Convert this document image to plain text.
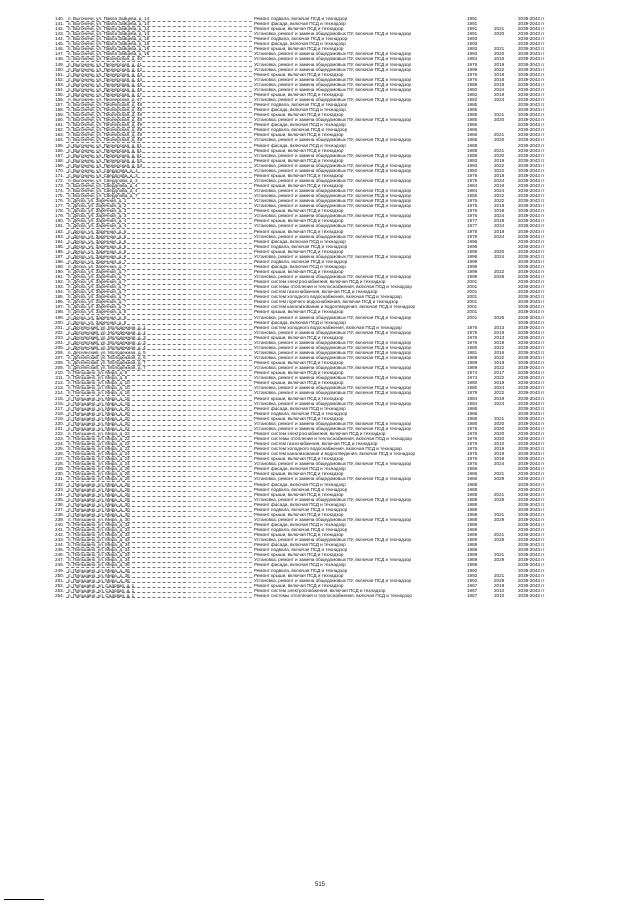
140. п. Выгоничи, ул. Павла Зайцева, д. 14	Ремонт подвала, включая ПСД и технадзор	1991	2039-2043 гг
141. п. Выгоничи, ул. Павла Зайцева, д. 14	Ремонт фасада, включая ПСД и технадзор	1991	2039-2043 гг
142. п. Выгоничи, ул. Павла Зайцева, д. 14	Ремонт крыши, включая ПСД и технадзор	1991	2021	2039-2043 гг
143. п. Выгоничи, ул. Павла Зайцева, д. 14	Установка, ремонт и замена общедомовых ПУ, включая ПСД и технадзор	1991	2020	2039-2043 гг
144. п. Выгоничи, ул. Павла Зайцева, д. 16	Ремонт подвала, включая ПСД и технадзор	1993	2039-2043 гг
145. п. Выгоничи, ул. Павла Зайцева, д. 16	Ремонт фасада, включая ПСД и технадзор	1993	2039-2043 гг
146. п. Выгоничи, ул. Павла Зайцева, д. 16	Ремонт крыши, включая ПСД и технадзор	1993	2021	2039-2043 гг
147. п. Выгоничи, ул. Павла Зайцева, д. 16	Установка, ремонт и замена общедомовых ПУ, включая ПСД и технадзор	1993	2020	2039-2043 гг
148. п. Выгоничи, ул. Пионерская, д. 40	Установка, ремонт и замена общедомовых ПУ, включая ПСД и технадзор	1984	2016	2039-2043 гг
149. п. Выгоничи, ул. Пионерская, д. 41	Установка, ремонт и замена общедомовых ПУ, включая ПСД и технадзор	1976	2019	2039-2043 гг
150. п. Выгоничи, ул. Пионерская, д. 42	Установка, ремонт и замена общедомовых ПУ, включая ПСД и технадзор	1999	2022	2039-2043 гг
151. п. Выгоничи, ул. Пионерская, д. 43	Ремонт крыши, включая ПСД и технадзор	1976	2018	2039-2043 гг
152. п. Выгоничи, ул. Пионерская, д. 44	Установка, ремонт и замена общедомовых ПУ, включая ПСД и технадзор	1976	2018	2039-2043 гг
153. п. Выгоничи, ул. Пионерская, д. 45	Установка, ремонт и замена общедомовых ПУ, включая ПСД и технадзор	1988	2019	2039-2043 гг
154. п. Выгоничи, ул. Пионерская, д. 46	Установка, ремонт и замена общедомовых ПУ, включая ПСД и технадзор	1950	2024	2039-2043 гг
155. п. Выгоничи, ул. Пионерская, д. 47	Ремонт крыши, включая ПСД и технадзор	1982	2019	2039-2043 гг
156. п. Выгоничи, ул. Пионерская, д. 47	Установка, ремонт и замена общедомовых ПУ, включая ПСД и технадзор	1982	2024	2039-2043 гг
157. п. Выгоничи, ул. Пионерская, д. 48	Ремонт подвала, включая ПСД и технадзор	1985	2039-2043 гг
158. п. Выгоничи, ул. Пионерская, д. 48	Ремонт фасада, включая ПСД и технадзор	1985	2039-2043 гг
159. п. Выгоничи, ул. Пионерская, д. 48	Ремонт крыши, включая ПСД и технадзор	1985	2021	2039-2043 гг
160. п. Выгоничи, ул. Пионерская, д. 48	Установка, ремонт и замена общедомовых ПУ, включая ПСД и технадзор	1985	2020	2039-2043 гг
161. п. Выгоничи, ул. Пионерская, д. 49	Ремонт фасада, включая ПСД и технадзор	1986	2039-2043 гг
162. п. Выгоничи, ул. Пионерская, д. 49	Ремонт подвала, включая ПСД и технадзор	1986	2039-2043 гг
163. п. Выгоничи, ул. Пионерская, д. 49	Ремонт крыши, включая ПСД и технадзор	1986	2021	2039-2043 гг
164. п. Выгоничи, ул. Пионерская, д. 49	Установка, ремонт и замена общедомовых ПУ, включая ПСД и технадзор	1986	2020	2039-2043 гг
165. п. Выгоничи, ул. Пионерская, д. 51	Ремонт фасада, включая ПСД и технадзор	1988	2039-2043 гг
166. п. Выгоничи, ул. Пионерская, д. 51	Ремонт крыши, включая ПСД и технадзор	1988	2021	2039-2043 гг
167. п. Выгоничи, ул. Пионерская, д. 51	Установка, ремонт и замена общедомовых ПУ, включая ПСД и технадзор	1988	2020	2039-2043 гг
168. п. Выгоничи, ул. Пионерская, д. 53	Ремонт крыши, включая ПСД и технадзор	1993	2019	2039-2043 гг
169. п. Выгоничи, ул. Пионерская, д. 53	Установка, ремонт и замена общедомовых ПУ, включая ПСД и технадзор	1993	2022	2039-2043 гг
170. п. Выгоничи, ул. Свердлова, д. 1	Установка, ремонт и замена общедомовых ПУ, включая ПСД и технадзор	1950	2022	2039-2043 гг
171. п. Выгоничи, ул. Свердлова, д. 3	Ремонт крыши, включая ПСД и технадзор	1976	2019	2039-2043 гг
172. п. Выгоничи, ул. Свердлова, д. 3	Установка, ремонт и замена общедомовых ПУ, включая ПСД и технадзор	1976	2024	2039-2043 гг
173. п. Выгоничи, ул. Свердлова, д. 4	Ремонт крыши, включая ПСД и технадзор	1984	2019	2039-2043 гг
174. п. Выгоничи, ул. Свердлова, д. 4	Установка, ремонт и замена общедомовых ПУ, включая ПСД и технадзор	1984	2024	2039-2043 гг
175. п. Выгоничи, ул. Свердлова, д. 7	Установка, ремонт и замена общедомовых ПУ, включая ПСД и технадзор	1955	2022	2039-2043 гг
176. п. Деска, ул. Заречная, д. 1	Установка, ремонт и замена общедомовых ПУ, включая ПСД и технадзор	1976	2022	2039-2043 гг
177. п. Деска, ул. Заречная, д. 2	Установка, ремонт и замена общедомовых ПУ, включая ПСД и технадзор	1976	2019	2039-2043 гг
178. п. Деска, ул. Заречная, д. 3	Ремонт крыши, включая ПСД и технадзор	1976	2019	2039-2043 гг
179. п. Деска, ул. Заречная, д. 3	Установка, ремонт и замена общедомовых ПУ, включая ПСД и технадзор	1976	2024	2039-2043 гг
180. п. Деска, ул. Заречная, д. 4	Ремонт крыши, включая ПСД и технадзор	1977	2019	2039-2043 гг
181. п. Деска, ул. Заречная, д. 4	Установка, ремонт и замена общедомовых ПУ, включая ПСД и технадзор	1977	2024	2039-2043 гг
182. п. Деска, ул. Заречная, д. 5	Ремонт крыши, включая ПСД и технадзор	1978	2019	2039-2043 гг
183. п. Деска, ул. Заречная, д. 5	Установка, ремонт и замена общедомовых ПУ, включая ПСД и технадзор	1978	2024	2039-2043 гг
184. п. Деска, ул. Заречная, д. 6	Ремонт фасада, включая ПСД и технадзор	1996	2039-2043 гг
185. п. Деска, ул. Заречная, д. 6	Ремонт подвала, включая ПСД и технадзор	1996	2039-2043 гг
186. п. Деска, ул. Заречная, д. 6	Ремонт крыши, включая ПСД и технадзор	1996	2020	2039-2043 гг
187. п. Деска, ул. Заречная, д. 6	Установка, ремонт и замена общедомовых ПУ, включая ПСД и технадзор	1996	2024	2039-2043 гг
188. п. Деска, ул. Заречная, д. 7	Ремонт подвала, включая ПСД и технадзор	1999	2039-2043 гг
189. п. Деска, ул. Заречная, д. 7	Ремонт фасада, включая ПСД и технадзор	1999	2039-2043 гг
190. п. Деска, ул. Заречная, д. 7	Ремонт крыши, включая ПСД и технадзор	1999	2022	2039-2043 гг
191. п. Деска, ул. Заречная, д. 7	Установка, ремонт и замена общедомовых ПУ, включая ПСД и технадзор	1999	2028	2039-2043 гг
192. п. Деска, ул. Заречная, д. 7	Ремонт систем электроснабжения, включая ПСД и технадзор	2001	2039-2043 гг
193. п. Деска, ул. Заречная, д. 7	Ремонт системы отопления и теплоснабжения, включая ПСД и технадзор	2001	2039-2043 гг
194. п. Деска, ул. Заречная, д. 7	Ремонт систем газоснабжения, включая ПСД и технадзор	2001	2039-2043 гг
195. п. Деска, ул. Заречная, д. 7	Ремонт систем холодного водоснабжения, включая ПСД и технадзор	2001	2039-2043 гг
196. п. Деска, ул. Заречная, д. 7	Ремонт систем горячего водоснабжения, включая ПСД и технадзор	2001	2039-2043 гг
197. п. Деска, ул. Заречная, д. 7	Ремонт систем канализования и водоотведения, включая ПСД и технадзор	2001	2039-2043 гг
198. п. Деска, ул. Заречная, д. 8	Ремонт крыши, включая ПСД и технадзор	2001	2039-2043 гг
199. п. Деска, ул. Заречная, д. 8	Установка, ремонт и замена общедомовых ПУ, включая ПСД и технадзор	2001	2026	2039-2043 гг
200. п. Деска, ул. Заречная, д. 9	Ремонт фасада, включая ПСД и технадзор	2039-2043 гг
201. п. Деснянский, ул. Молодежная, д. 1	Ремонт систем холодного водоснабжения, включая ПСД и технадзор	1976	2013	2039-2043 гг
202. п. Деснянский, ул. Молодежная, д. 1	Установка, ремонт и замена общедомовых ПУ, включая ПСД и технадзор	1976	2019	2039-2043 гг
203. п. Деснянский, ул. Молодежная, д. 3	Ремонт крыши, включая ПСД и технадзор	1976	2013	2039-2043 гг
204. п. Деснянский, ул. Молодежная, д. 3	Установка, ремонт и замена общедомовых ПУ, включая ПСД и технадзор	1976	2019	2039-2043 гг
205. п. Деснянский, ул. Молодежная, д. 4	Установка, ремонт и замена общедомовых ПУ, включая ПСД и технадзор	1980	2022	2039-2043 гг
206. п. Деснянский, ул. Молодежная, д. 5	Установка, ремонт и замена общедомовых ПУ, включая ПСД и технадзор	1981	2016	2039-2043 гг
207. п. Деснянский, ул. Молодежная, д. 6	Установка, ремонт и замена общедомовых ПУ, включая ПСД и технадзор	1989	2022	2039-2043 гг
208. п. Деснянский, ул. Молодежная, д. 7	Ремонт крыши, включая ПСД и технадзор	1989	2019	2039-2043 гг
209. п. Деснянский, ул. Молодежная, д. 7	Установка, ремонт и замена общедомовых ПУ, включая ПСД и технадзор	1989	2022	2039-2043 гг
210. п. Пильшино, ул. Мира, д. 8	Ремонт крыши, включая ПСД и технадзор	1974	2017	2039-2043 гг
211. п. Пильшино, ул. Мира, д. 8	Установка, ремонт и замена общедомовых ПУ, включая ПСД и технадзор	1974	2022	2039-2043 гг
212. п. Пильшино, ул. Мира, д. 10	Ремонт крыши, включая ПСД и технадзор	1980	2019	2039-2043 гг
213. п. Пильшино, ул. Мира, д. 10	Установка, ремонт и замена общедомовых ПУ, включая ПСД и технадзор	1980	2024	2039-2043 гг
214. п. Пильшино, ул. Мира, д. 16	Установка, ремонт и замена общедомовых ПУ, включая ПСД и технадзор	1979	2022	2039-2043 гг
215. п. Пильшино, ул. Мира, д. 18	Ремонт крыши, включая ПСД и технадзор	1984	2019	2039-2043 гг
216. п. Пильшино, ул. Мира, д. 18	Установка, ремонт и замена общедомовых ПУ, включая ПСД и технадзор	1984	2024	2039-2043 гг
217. п. Пильшино, ул. Мира, д. 20	Ремонт фасада, включая ПСД и технадзор	1986	2039-2043 гг
218. п. Пильшино, ул. Мира, д. 20	Ремонт подвала, включая ПСД и технадзор	1986	2039-2043 гг
219. п. Пильшино, ул. Мира, д. 20	Ремонт крыши, включая ПСД и технадзор	1986	2021	2039-2043 гг
220. п. Пильшино, ул. Мира, д. 20	Установка, ремонт и замена общедомовых ПУ, включая ПСД и технадзор	1986	2020	2039-2043 гг
221. п. Пильшино, ул. Мира, д. 22	Установка, ремонт и замена общедомовых ПУ, включая ПСД и технадзор	1976	2020	2039-2043 гг
222. п. Пильшино, ул. Мира, д. 22	Ремонт систем электроснабжения, включая ПСД и технадзор	1976	2020	2039-2043 гг
223. п. Пильшино, ул. Мира, д. 22	Ремонт системы отопления и теплоснабжения, включая ПСД и технадзор	1976	2020	2039-2043 гг
224. п. Пильшино, ул. Мира, д. 22	Ремонт систем газоснабжения, включая ПСД и технадзор	1976	2010	2039-2043 гг
225. п. Пильшино, ул. Мира, д. 22	Ремонт систем холодного водоснабжения, включая ПСД и технадзор	1976	2019	2039-2043 гг
226. п. Пильшино, ул. Мира, д. 24	Ремонт систем канализования и водоотведения, включая ПСД и технадзор	1976	2019	2039-2043 гг
227. п. Пильшино, ул. Мира, д. 24	Ремонт крыши, включая ПСД и технадзор	1976	2019	2039-2043 гг
228. п. Пильшино, ул. Мира, д. 24	Установка, ремонт и замена общедомовых ПУ, включая ПСД и технадзор	1976	2024	2039-2043 гг
229. п. Пильшино, ул. Мира, д. 26	Ремонт фасада, включая ПСД и технадзор	1986	2039-2043 гг
230. п. Пильшино, ул. Мира, д. 26	Ремонт крыши, включая ПСД и технадзор	1986	2021	2039-2043 гг
231. п. Пильшино, ул. Мира, д. 26	Установка, ремонт и замена общедомовых ПУ, включая ПСД и технадзор	1986	2029	2039-2043 гг
232. п. Пильшино, ул. Мира, д. 28	Ремонт фасада, включая ПСД и технадзор	1988	2039-2043 гг
233. п. Пильшино, ул. Мира, д. 28	Ремонт подвала, включая ПСД и технадзор	1988	2039-2043 гг
234. п. Пильшино, ул. Мира, д. 28	Ремонт крыши, включая ПСД и технадзор	1988	2021	2039-2043 гг
235. п. Пильшино, ул. Мира, д. 28	Установка, ремонт и замена общедомовых ПУ, включая ПСД и технадзор	1988	2029	2039-2043 гг
236. п. Пильшино, ул. Мира, д. 30	Ремонт фасада, включая ПСД и технадзор	1988	2039-2043 гг
237. п. Пильшино, ул. Мира, д. 30	Ремонт подвала, включая ПСД и технадзор	1988	2039-2043 гг
238. п. Пильшино, ул. Мира, д. 30	Ремонт крыши, включая ПСД и технадзор	1988	2021	2039-2043 гг
239. п. Пильшино, ул. Мира, д. 30	Установка, ремонт и замена общедомовых ПУ, включая ПСД и технадзор	1988	2029	2039-2043 гг
240. п. Пильшино, ул. Мира, д. 32	Ремонт фасада, включая ПСД и технадзор	1989	2039-2043 гг
241. п. Пильшино, ул. Мира, д. 32	Ремонт подвала, включая ПСД и технадзор	1989	2039-2043 гг
242. п. Пильшино, ул. Мира, д. 32	Ремонт крыши, включая ПСД и технадзор	1989	2021	2039-2043 гг
243. п. Пильшино, ул. Мира, д. 32	Установка, ремонт и замена общедомовых ПУ, включая ПСД и технадзор	1989	2029	2039-2043 гг
244. п. Пильшино, ул. Мира, д. 34	Ремонт фасада, включая ПСД и технадзор	1989	2039-2043 гг
245. п. Пильшино, ул. Мира, д. 34	Ремонт подвала, включая ПСД и технадзор	1989	2039-2043 гг
246. п. Пильшино, ул. Мира, д. 34	Ремонт крыши, включая ПСД и технадзор	1989	2021	2039-2043 гг
247. п. Пильшино, ул. Мира, д. 34	Установка, ремонт и замена общедомовых ПУ, включая ПСД и технадзор	1989	2029	2039-2043 гг
248. п. Пильшино, ул. Мира, д. 36	Ремонт фасада, включая ПСД и технадзор	1989	2039-2043 гг
249. п. Пильшино, ул. Мира, д. 36	Ремонт подвала, включая ПСД и технадзор	1992	2039-2043 гг
250. п. Пильшино, ул. Мира, д. 36	Ремонт крыши, включая ПСД и технадзор	1992	2021	2039-2043 гг
251. п. Пильшино, ул. Мира, д. 36	Установка, ремонт и замена общедомовых ПУ, включая ПСД и технадзор	1992	2029	2039-2043 гг
252. п. Пильшино, ул. Садовая, д. 1	Ремонт крыши, включая ПСД и технадзор	1967	2019	2039-2043 гг
253. п. Пильшино, ул. Садовая, д. 1	Ремонт систем электроснабжения, включая ПСД и технадзор	1967	2010	2039-2043 гг
254. п. Пильшино, ул. Садовая, д. 1	Ремонт системы отопления и теплоснабжения, включая ПСД и технадзор	1967	2010	2039-2043 гг
515
